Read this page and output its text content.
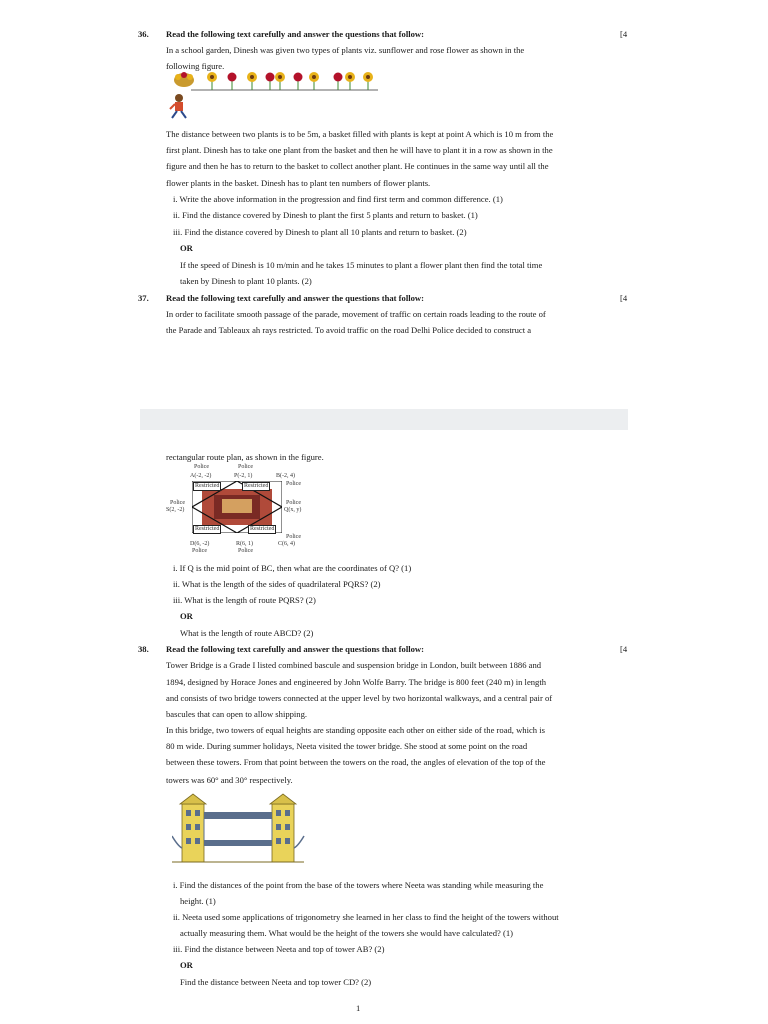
36. Read the following text carefully and answer the questions that follow:	[4
In a school garden, Dinesh was given two types of plants viz. sunflower and rose flower as shown in the
following figure.
The distance between two plants is to be 5m, a basket filled with plants is kept at point A which is 10 m from the
first plant. Dinesh has to take one plant from the basket and then he will have to plant it in a row as shown in the
figure and then he has to return to the basket to collect another plant. He continues in the same way until all the
flower plants in the basket. Dinesh has to plant ten numbers of flower plants.
i. Write the above information in the progression and find first term and common difference. (1)
ii. Find the distance covered by Dinesh to plant the first 5 plants and return to basket. (1)
iii. Find the distance covered by Dinesh to plant all 10 plants and return to basket. (2)
OR
If the speed of Dinesh is 10 m/min and he takes 15 minutes to plant a flower plant then find the total time
taken by Dinesh to plant 10 plants. (2)
37. Read the following text carefully and answer the questions that follow:	[4
In order to facilitate smooth passage of the parade, movement of traffic on certain roads leading to the route of
the Parade and Tableaux ah rays restricted. To avoid traffic on the road Delhi Police decided to construct a
rectangular route plan, as shown in the figure.
Police	Police
A(-2, -2)	P(-2, 1)	B(-2, 4)
Police
Restricted	Restricted
Police
S(2, -2)
Police
Q(x, y)
Restricted	Restricted
Police
D(6, -2)	R(6, 1)	C(6, 4)
Police	Police
i. If Q is the mid point of BC, then what are the coordinates of Q? (1)
ii. What is the length of the sides of quadrilateral PQRS? (2)
iii. What is the length of route PQRS? (2)
OR
What is the length of route ABCD? (2)
38. Read the following text carefully and answer the questions that follow:	[4
Tower Bridge is a Grade I listed combined bascule and suspension bridge in London, built between 1886 and
1894, designed by Horace Jones and engineered by John Wolfe Barry. The bridge is 800 feet (240 m) in length
and consists of two bridge towers connected at the upper level by two horizontal walkways, and a central pair of
bascules that can open to allow shipping.
In this bridge, two towers of equal heights are standing opposite each other on either side of the road, which is
80 m wide. During summer holidays, Neeta visited the tower bridge. She stood at some point on the road
between these towers. From that point between the towers on the road, the angles of elevation of the top of the
towers was 60° and 30° respectively.
i. Find the distances of the point from the base of the towers where Neeta was standing while measuring the
height. (1)
ii. Neeta used some applications of trigonometry she learned in her class to find the height of the towers without
actually measuring them. What would be the height of the towers she would have calculated? (1)
iii. Find the distance between Neeta and top of tower AB? (2)
OR
Find the distance between Neeta and top tower CD? (2)
1
